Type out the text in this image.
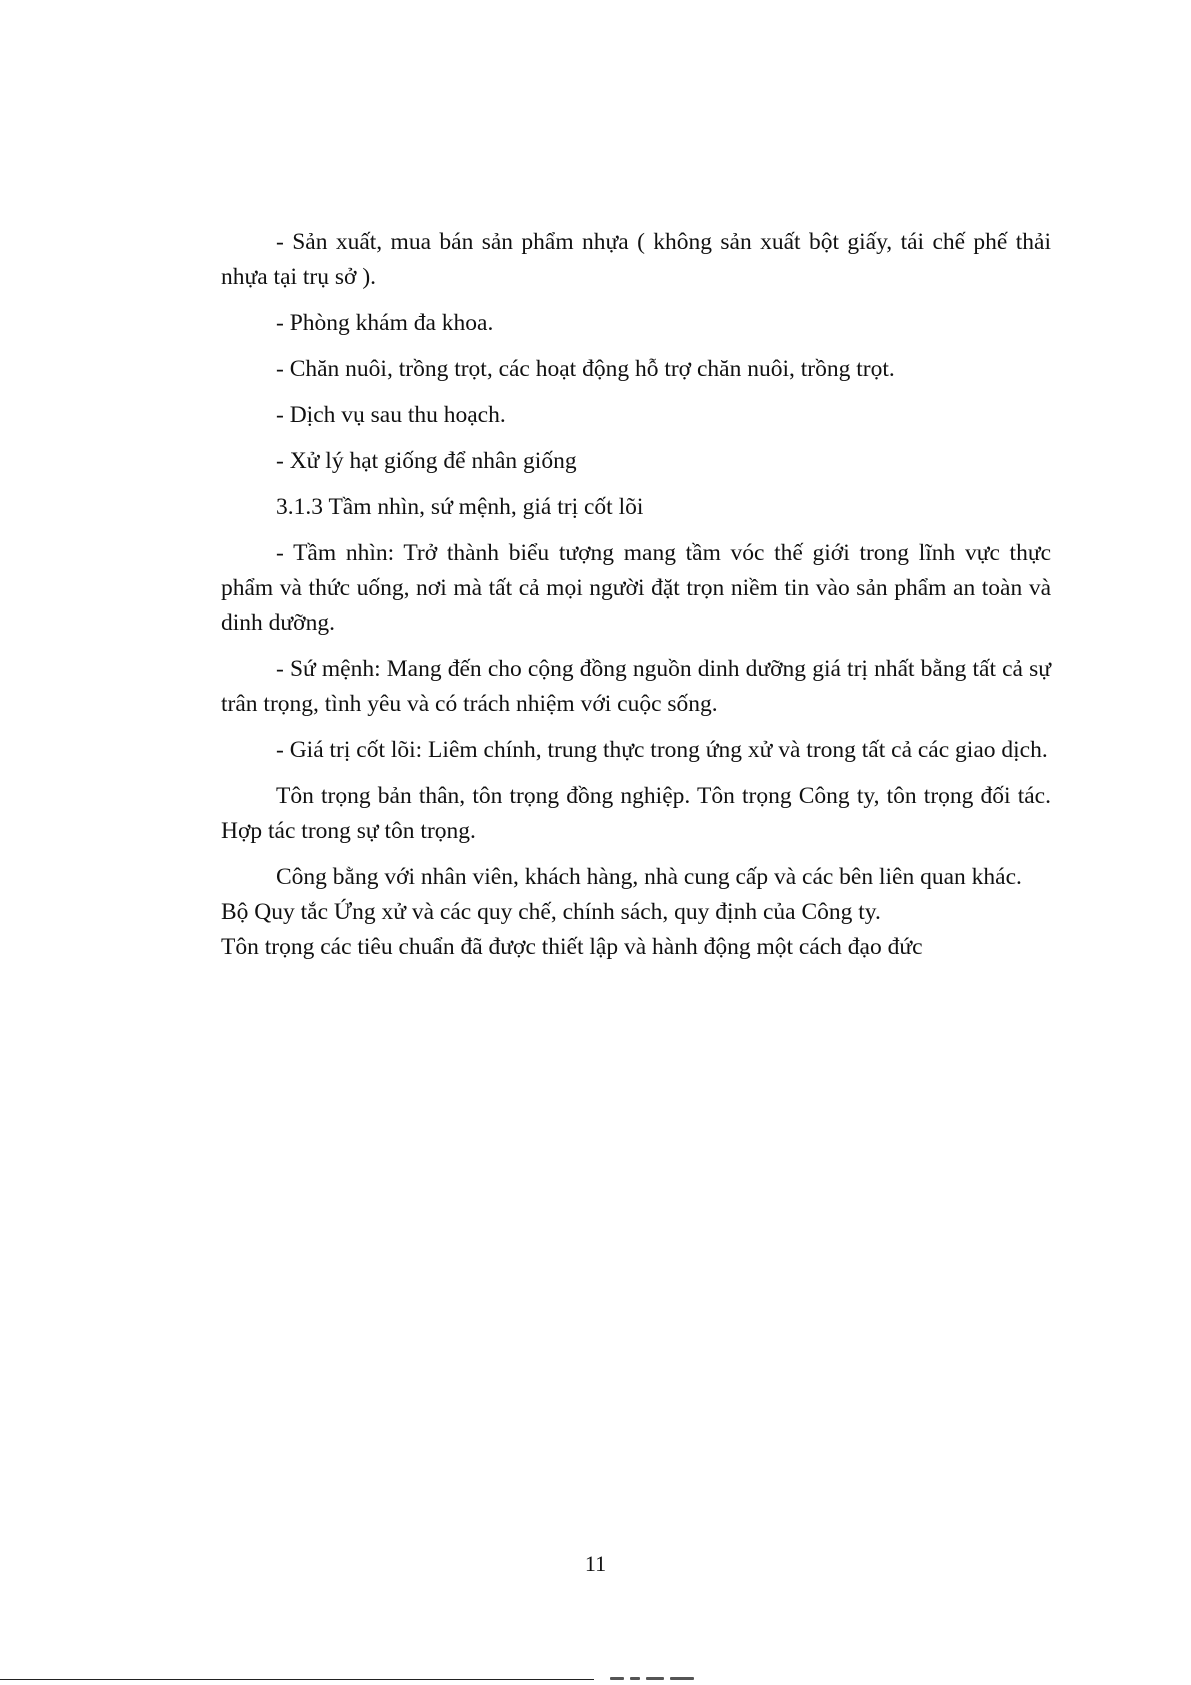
- Sản xuất, mua bán sản phẩm nhựa ( không sản xuất bột giấy, tái chế phế thải nhựa tại trụ sở ).

- Phòng khám đa khoa.

- Chăn nuôi, trồng trọt, các hoạt động hỗ trợ chăn nuôi, trồng trọt.

- Dịch vụ sau thu hoạch.

- Xử lý hạt giống để nhân giống

3.1.3 Tầm nhìn, sứ mệnh, giá trị cốt lõi

- Tầm nhìn: Trở thành biểu tượng mang tầm vóc thế giới trong lĩnh vực thực phẩm và thức uống, nơi mà tất cả mọi người đặt trọn niềm tin vào sản phẩm an toàn và dinh dưỡng.

- Sứ mệnh: Mang đến cho cộng đồng nguồn dinh dưỡng giá trị nhất bằng tất cả sự trân trọng, tình yêu và có trách nhiệm với cuộc sống.

- Giá trị cốt lõi: Liêm chính, trung thực trong ứng xử và trong tất cả các giao dịch.

Tôn trọng bản thân, tôn trọng đồng nghiệp. Tôn trọng Công ty, tôn trọng đối tác. Hợp tác trong sự tôn trọng.

Công bằng với nhân viên, khách hàng, nhà cung cấp và các bên liên quan khác.

Bộ Quy tắc Ứng xử và các quy chế, chính sách, quy định của Công ty.

Tôn trọng các tiêu chuẩn đã được thiết lập và hành động một cách đạo đức

11
